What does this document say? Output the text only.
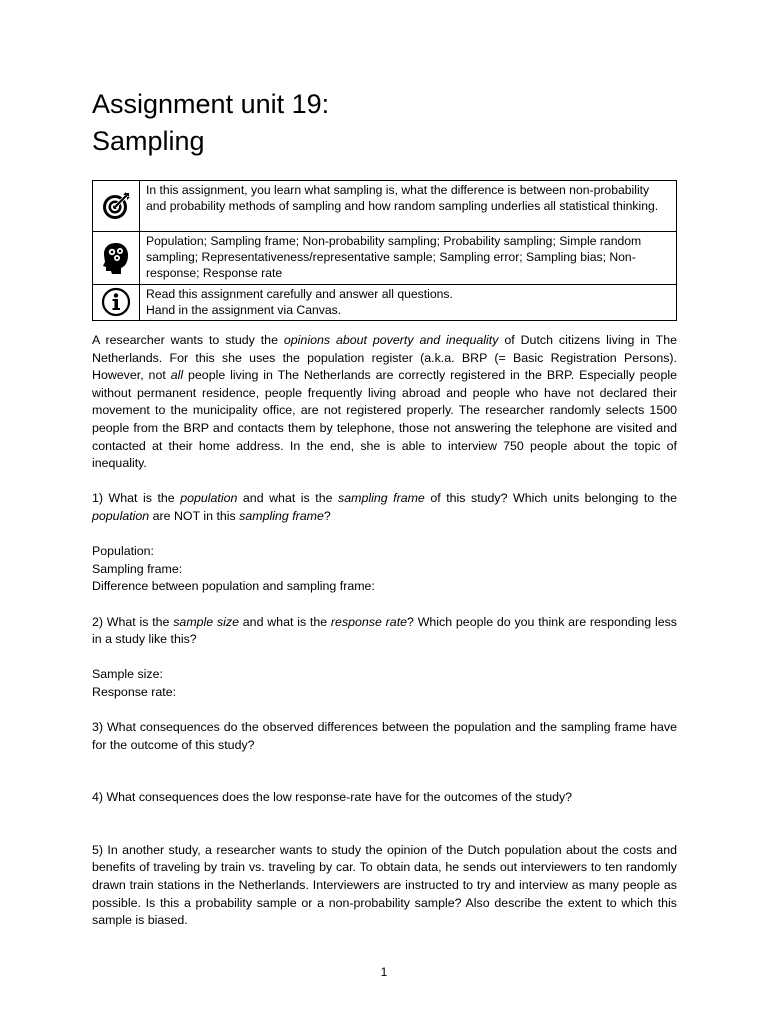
Assignment unit 19:
Sampling
	In this assignment, you learn what sampling is, what the difference is between non-probability and probability methods of sampling and how random sampling underlies all statistical thinking.

	Population; Sampling frame; Non-probability sampling; Probability sampling; Simple random sampling; Representativeness/representative sample; Sampling error; Sampling bias; Non-response; Response rate

Read this assignment carefully and answer all questions.
Hand in the assignment via Canvas.

A researcher wants to study the opinions about poverty and inequality of Dutch citizens living in The Netherlands. For this she uses the population register (a.k.a. BRP (= Basic Registration Persons). However, not all people living in The Netherlands are correctly registered in the BRP. Especially people without permanent residence, people frequently living abroad and people who have not declared their movement to the municipality office, are not registered properly. The researcher randomly selects 1500 people from the BRP and contacts them by telephone, those not answering the telephone are visited and contacted at their home address. In the end, she is able to interview 750 people about the topic of inequality.

1) What is the population and what is the sampling frame of this study? Which units belonging to the population are NOT in this sampling frame?

Population:
Sampling frame:
Difference between population and sampling frame:

2) What is the sample size and what is the response rate? Which people do you think are responding less in a study like this?

Sample size:
Response rate:

3) What consequences do the observed differences between the population and the sampling frame have for the outcome of this study?

4) What consequences does the low response-rate have for the outcomes of the study?

5) In another study, a researcher wants to study the opinion of the Dutch population about the costs and benefits of traveling by train vs. traveling by car. To obtain data, he sends out interviewers to ten randomly drawn train stations in the Netherlands. Interviewers are instructed to try and interview as many people as possible. Is this a probability sample or a non-probability sample? Also describe the extent to which this sample is biased.

1
